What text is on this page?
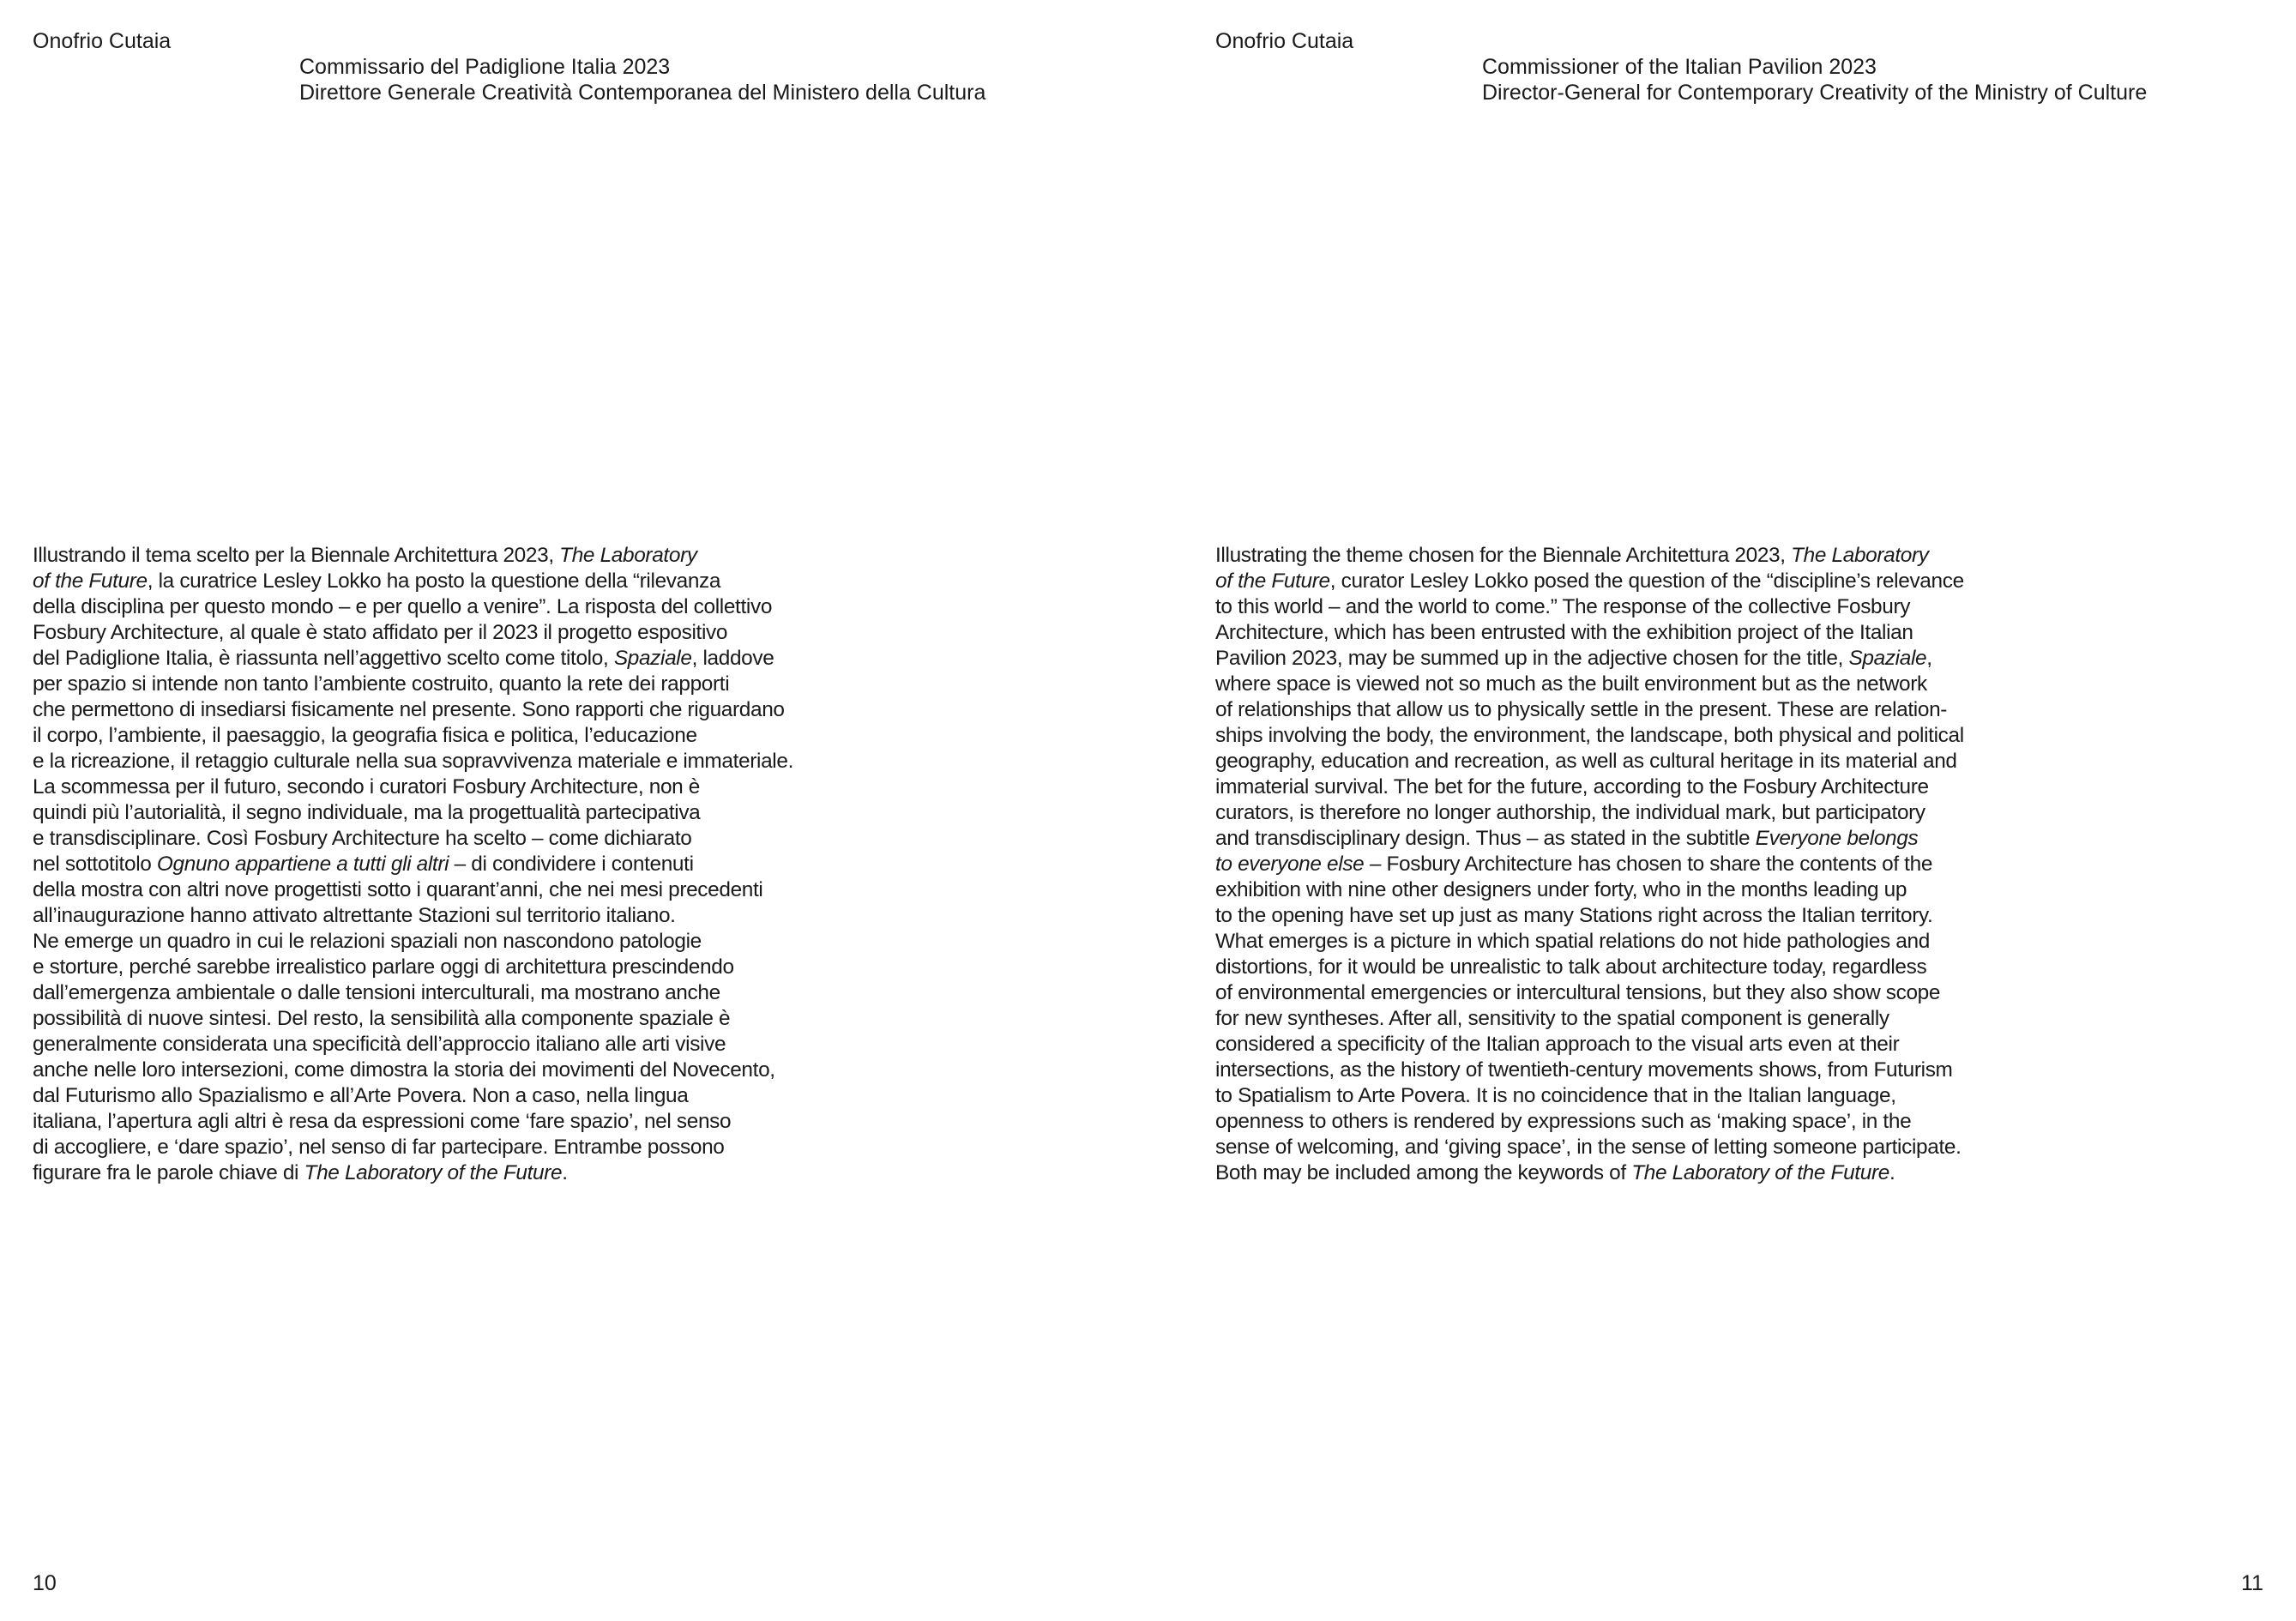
Onofrio Cutaia
Commissario del Padiglione Italia 2023
Direttore Generale Creatività Contemporanea del Ministero della Cultura
Illustrando il tema scelto per la Biennale Architettura 2023, The Laboratory
of the Future, la curatrice Lesley Lokko ha posto la questione della “rilevanza
della disciplina per questo mondo – e per quello a venire”. La risposta del collettivo
Fosbury Architecture, al quale è stato affidato per il 2023 il progetto espositivo
del Padiglione Italia, è riassunta nell’aggettivo scelto come titolo, Spaziale, laddove
per spazio si intende non tanto l’ambiente costruito, quanto la rete dei rapporti
che permettono di insediarsi fisicamente nel presente. Sono rapporti che riguardano
il corpo, l’ambiente, il paesaggio, la geografia fisica e politica, l’educazione
e la ricreazione, il retaggio culturale nella sua sopravvivenza materiale e immateriale.
La scommessa per il futuro, secondo i curatori Fosbury Architecture, non è
quindi più l’autorialità, il segno individuale, ma la progettualità partecipativa
e transdisciplinare. Così Fosbury Architecture ha scelto – come dichiarato
nel sottotitolo Ognuno appartiene a tutti gli altri – di condividere i contenuti
della mostra con altri nove progettisti sotto i quarant’anni, che nei mesi precedenti
all’inaugurazione hanno attivato altrettante Stazioni sul territorio italiano.
Ne emerge un quadro in cui le relazioni spaziali non nascondono patologie
e storture, perché sarebbe irrealistico parlare oggi di architettura prescindendo
dall’emergenza ambientale o dalle tensioni interculturali, ma mostrano anche
possibilità di nuove sintesi. Del resto, la sensibilità alla componente spaziale è
generalmente considerata una specificità dell’approccio italiano alle arti visive
anche nelle loro intersezioni, come dimostra la storia dei movimenti del Novecento,
dal Futurismo allo Spazialismo e all’Arte Povera. Non a caso, nella lingua
italiana, l’apertura agli altri è resa da espressioni come ‘fare spazio’, nel senso
di accogliere, e ‘dare spazio’, nel senso di far partecipare. Entrambe possono
figurare fra le parole chiave di The Laboratory of the Future.
10
Onofrio Cutaia
Commissioner of the Italian Pavilion 2023
Director-General for Contemporary Creativity of the Ministry of Culture
Illustrating the theme chosen for the Biennale Architettura 2023, The Laboratory
of the Future, curator Lesley Lokko posed the question of the “discipline’s relevance
to this world – and the world to come.” The response of the collective Fosbury
Architecture, which has been entrusted with the exhibition project of the Italian
Pavilion 2023, may be summed up in the adjective chosen for the title, Spaziale,
where space is viewed not so much as the built environment but as the network
of relationships that allow us to physically settle in the present. These are relation-
ships involving the body, the environment, the landscape, both physical and political
geography, education and recreation, as well as cultural heritage in its material and
immaterial survival. The bet for the future, according to the Fosbury Architecture
curators, is therefore no longer authorship, the individual mark, but participatory
and transdisciplinary design. Thus – as stated in the subtitle Everyone belongs
to everyone else – Fosbury Architecture has chosen to share the contents of the
exhibition with nine other designers under forty, who in the months leading up
to the opening have set up just as many Stations right across the Italian territory.
What emerges is a picture in which spatial relations do not hide pathologies and
distortions, for it would be unrealistic to talk about architecture today, regardless
of environmental emergencies or intercultural tensions, but they also show scope
for new syntheses. After all, sensitivity to the spatial component is generally
considered a specificity of the Italian approach to the visual arts even at their
intersections, as the history of twentieth-century movements shows, from Futurism
to Spatialism to Arte Povera. It is no coincidence that in the Italian language,
openness to others is rendered by expressions such as ‘making space’, in the
sense of welcoming, and ‘giving space’, in the sense of letting someone participate.
Both may be included among the keywords of The Laboratory of the Future.
11
